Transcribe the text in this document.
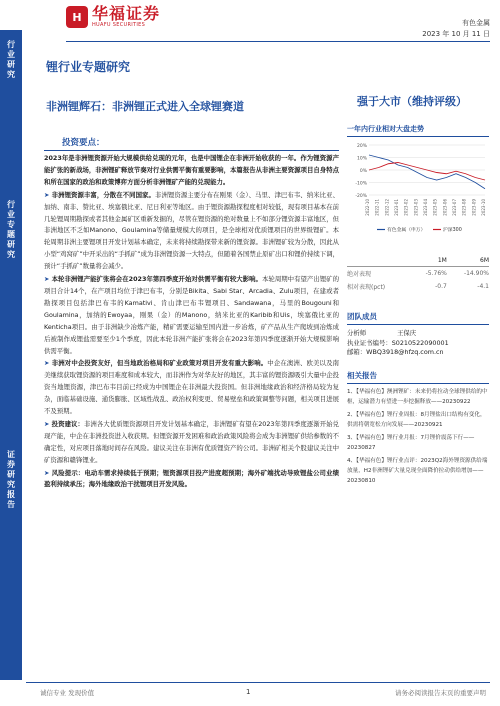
行
业
研
究
行
业
专
题
研
究
证
券
研
究
报
告
H 华福证券
HUAFU SECURITIES	有色金属
2023 年 10 月 11 日
锂行业专题研究
非洲锂辉石：非洲锂正式进入全球锂赛道	强于大市（维持评级）
投资要点：

2023年是非洲锂资源开始大规模供给兑现的元年，也是中国锂企在非洲开始收获的一年。作为锂资源产能扩张的新战场，非洲锂矿释放节奏对行业供需平衡有重要影响，本篇报告从非洲主要资源项目自身特点和所在国家的政治和政策博弈方面分析非洲锂矿产能的兑现能力。

➤ 非洲锂资源丰富，分散在不同国家。非洲锂资源主要分布在刚果（金）、马里、津巴布韦、纳米比亚、加纳、南非、赞比亚、埃塞俄比亚、尼日利亚等地区。由于锂资源勘探程度相对较低，现有项目基本在前几轮锂周期勘探或者其他金属矿区重新发掘的，尽管在锂资源的绝对数量上不如部分锂资源丰富地区，但非洲地区不乏如Manono、Goulamina等储量规模大的项目，是全球相对优质锂项目的世界级锂矿。本轮周期非洲主要锂项目开发计划基本确定，未来将持续勘探带来新的锂资源。非洲锂矿较为分散，因此从小型“鸡窝矿”中开采出的“手抓矿”成为非洲锂资源一大特点，但随着各国禁止原矿出口和锂价持续下调，预计“手抓矿”数量将会减少。

➤ 本轮非洲锂产能扩张将会在2023年第四季度开始对供需平衡有较大影响。本轮周期中有望产出锂矿的项目合计14个，在产项目均位于津巴布韦，分别是Bikita、Sabi Star、Arcadia、Zulu项目，在建或者勘探项目包括津巴布韦的Kamativi、肯山津巴布韦锂项目、Sandawana，马里的Bougouni和Goulamina，加纳的Ewoyaa，刚果（金）的Manono，纳米比亚的Karibib和Uis，埃塞俄比亚的Kenticha项目。由于非洲缺少冶炼产能，精矿需要运输至国内进一步冶炼，矿产品从生产爬坡到冶炼成后被制作成锂盐需要至少1个季度，因此本轮非洲产能扩张将会在2023年第四季度逐渐开始大规模影响供需平衡。

➤ 非洲对中企投资友好，但当地政治格局和矿业政策对项目开发有重大影响。中企在澳洲、欧美以及南美继续获取锂资源的项目难度和成本较大，而非洲作为对华友好的地区，其丰富的锂资源吸引大量中企投资当地锂资源，津巴布韦目前已经成为中国锂企在非洲最大投资国。但非洲地缘政治和经济格局较为复杂，面临基础设施、通货膨胀、区域性战乱、政治权利变更、贸易壁垒和政策调整等问题，相关项目进展不及预期。

➤ 投资建议：非洲各大优质锂资源项目开发计划基本确定，非洲锂矿有望在2023年第四季度逐渐开始兑现产能，中企在非洲投资进入收获期。但锂资源开发困难和政治政策风险将会成为非洲锂矿供给参数的不确定性，对应项目落地时间存在风险。建议关注在非洲有优质锂资产的公司。非洲矿相关个股建议关注中矿资源和赣锋锂业。

➤ 风险提示：电动车需求持续低于预期；锂资源项目投产进度超预期；海外矿端扰动导致锂盐公司业绩盈利持续承压；海外地缘政治干扰锂项目开发风险。

一年内行业相对大盘走势
20%
10%
0%
-10%
-20%
2022-10 2022-11 2022-12 2023-01 2023-02 2023-03 2023-04 2023-05 2023-06 2023-07 2023-08 2023-09 2023-10
有色金属（申万）	沪深300
	1M	6M
绝对表现	-5.76%	-14.90%
相对表现(pct)	-0.7	-4.1
团队成员
分析师	王保庆
执业证书编号：S0210522090001
邮箱：WBQ3918@hfzq.com.cn
相关报告
1、【华福有色】澳洲锂矿：未来仍将拉动全球锂供给的中枢，运输潜力有望进一步挖掘释放——20230922
2、【华福有色】锂行业周报：8月锂盐出口结构有变化，供需将朝宽松方向发展——20230921
3、【华福有色】锂行业月报：7月锂价震荡下行——20230827
4、【华福有色】锂行业点评：2023Q2海外锂资源供给端放量，H2非洲锂矿大量兑现全面降价拉动供给增加——20230810
诚信专业 发现价值	1	请务必阅读报告末页的重要声明
